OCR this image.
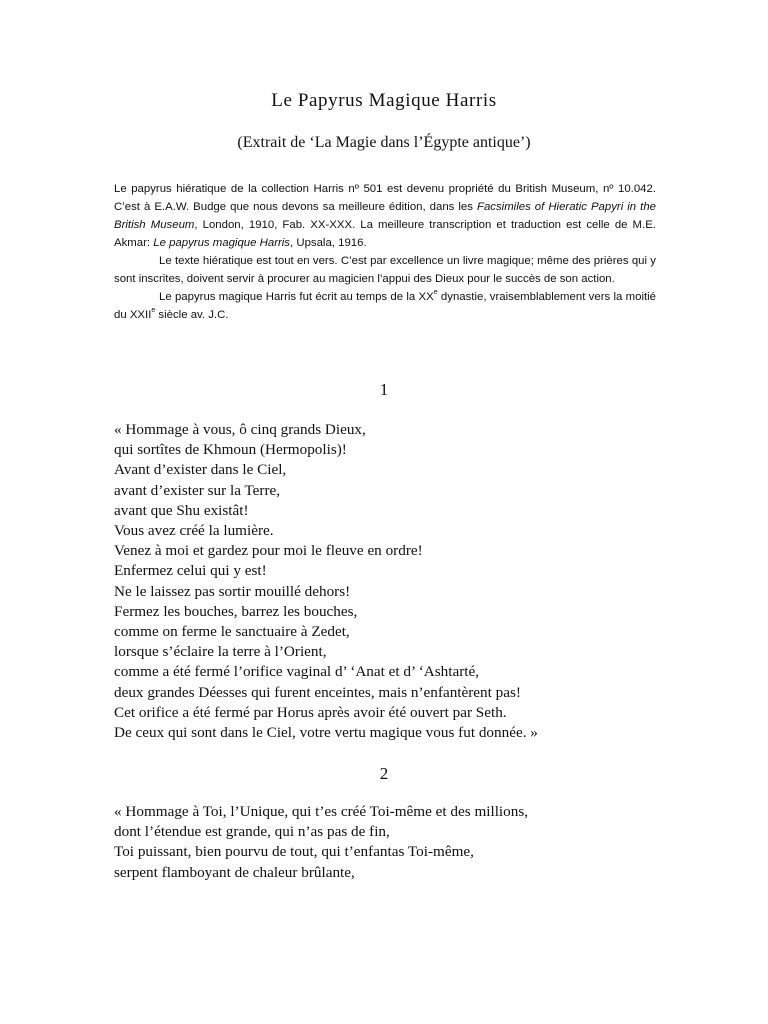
Le Papyrus Magique Harris
(Extrait de ‘La Magie dans l’Égypte antique’)

Le papyrus hiératique de la collection Harris nº 501 est devenu propriété du British Museum, nº 10.042. C’est à E.A.W. Budge que nous devons sa meilleure édition, dans les Facsimiles of Hieratic Papyri in the British Museum, London, 1910, Fab. XX-XXX. La meilleure transcription et traduction est celle de M.E. Akmar: Le papyrus magique Harris, Upsala, 1916.

Le texte hiératique est tout en vers. C’est par excellence un livre magique; même des prières qui y sont inscrites, doivent servir à procurer au magicien l’appui des Dieux pour le succès de son action.

Le papyrus magique Harris fut écrit au temps de la XXe dynastie, vraisemblablement vers la moitié du XXIIe siècle av. J.C.

1
« Hommage à vous, ô cinq grands Dieux,
qui sortîtes de Khmoun (Hermopolis)!
Avant d’exister dans le Ciel,
avant d’exister sur la Terre,
avant que Shu existât!
Vous avez créé la lumière.
Venez à moi et gardez pour moi le fleuve en ordre!
Enfermez celui qui y est!
Ne le laissez pas sortir mouillé dehors!
Fermez les bouches, barrez les bouches,
comme on ferme le sanctuaire à Zedet,
lorsque s’éclaire la terre à l’Orient,
comme a été fermé l’orifice vaginal d’ ‘Anat et d’ ‘Ashtarté,
deux grandes Déesses qui furent enceintes, mais n’enfantèrent pas!
Cet orifice a été fermé par Horus après avoir été ouvert par Seth.
De ceux qui sont dans le Ciel, votre vertu magique vous fut donnée. »
2
« Hommage à Toi, l’Unique, qui t’es créé Toi-même et des millions,
dont l’étendue est grande, qui n’as pas de fin,
Toi puissant, bien pourvu de tout, qui t’enfantas Toi-même,
serpent flamboyant de chaleur brûlante,
